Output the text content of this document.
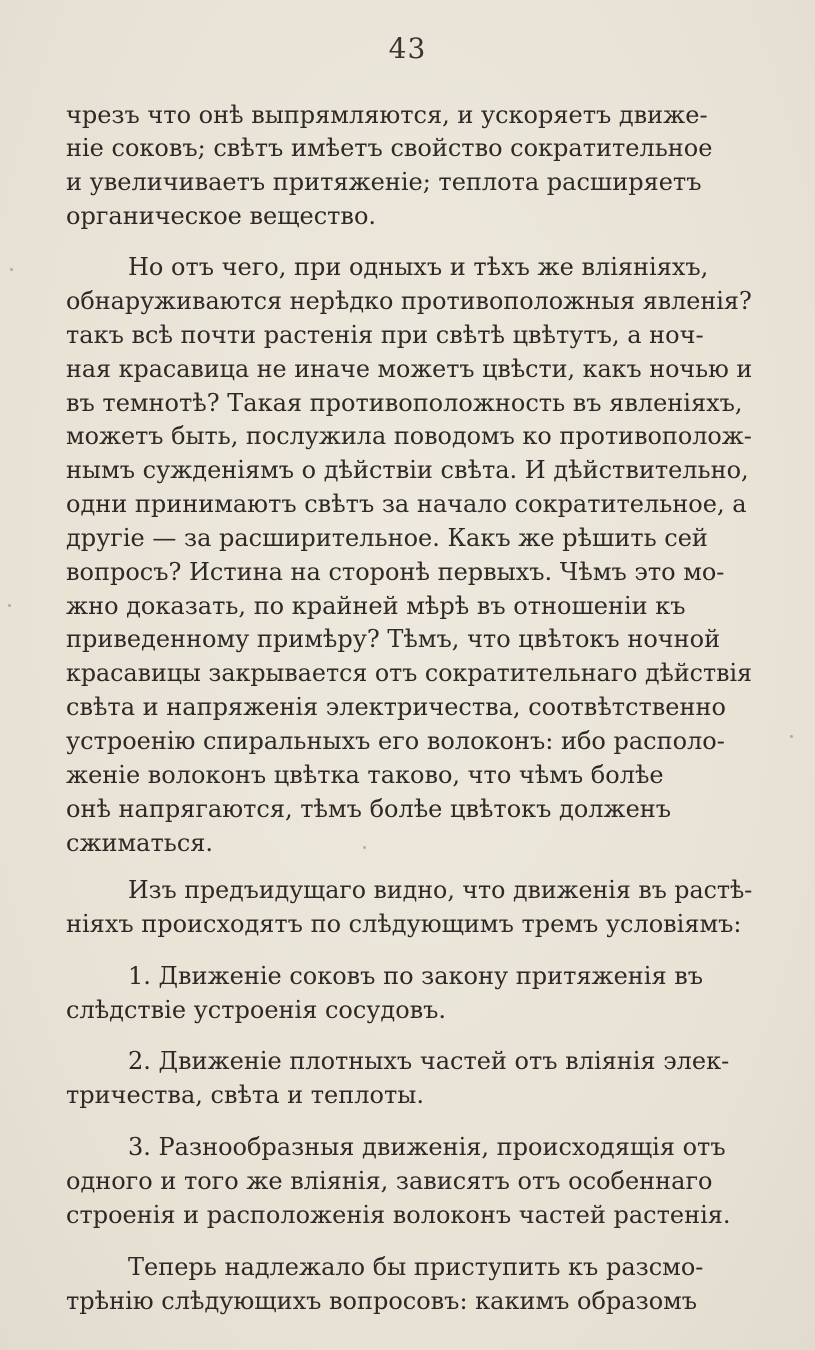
43
чрезъ что онѣ выпрямляются, и ускоряетъ движе-
ніе соковъ; свѣтъ имѣетъ свойство сократительное
и увеличиваетъ притяженіе; теплота расширяетъ
органическое вещество.
Но отъ чего, при одныхъ и тѣхъ же вліяніяхъ,
обнаруживаются нерѣдко противоположныя явленія?
такъ всѣ почти растенія при свѣтѣ цвѣтутъ, а ноч-
ная красавица не иначе можетъ цвѣсти, какъ ночью и
въ темнотѣ? Такая противоположность въ явленіяхъ,
можетъ быть, послужила поводомъ ко противополож-
нымъ сужденіямъ о дѣйствіи свѣта. И дѣйствительно,
одни принимаютъ свѣтъ за начало сократительное, а
другіе — за расширительное. Какъ же рѣшить сей
вопросъ? Истина на сторонѣ первыхъ. Чѣмъ это мо-
жно доказать, по крайней мѣрѣ въ отношеніи къ
приведенному примѣру? Тѣмъ, что цвѣтокъ ночной
красавицы закрывается отъ сократительнаго дѣйствія
свѣта и напряженія электричества, соотвѣтственно
устроенію спиральныхъ его волоконъ: ибо располо-
женіе волоконъ цвѣтка таково, что чѣмъ болѣе
онѣ напрягаются, тѣмъ болѣе цвѣтокъ долженъ
сжиматься.
Изъ предъидущаго видно, что движенія въ растѣ-
ніяхъ происходятъ по слѣдующимъ тремъ условіямъ:
1. Движеніе соковъ по закону притяженія въ
слѣдствіе устроенія сосудовъ.
2. Движеніе плотныхъ частей отъ вліянія элек-
тричества, свѣта и теплоты.
3. Разнообразныя движенія, происходящія отъ
одного и того же вліянія, зависятъ отъ особеннаго
строенія и расположенія волоконъ частей растенія.
Теперь надлежало бы приступить къ разсмо-
трѣнію слѣдующихъ вопросовъ: какимъ образомъ
